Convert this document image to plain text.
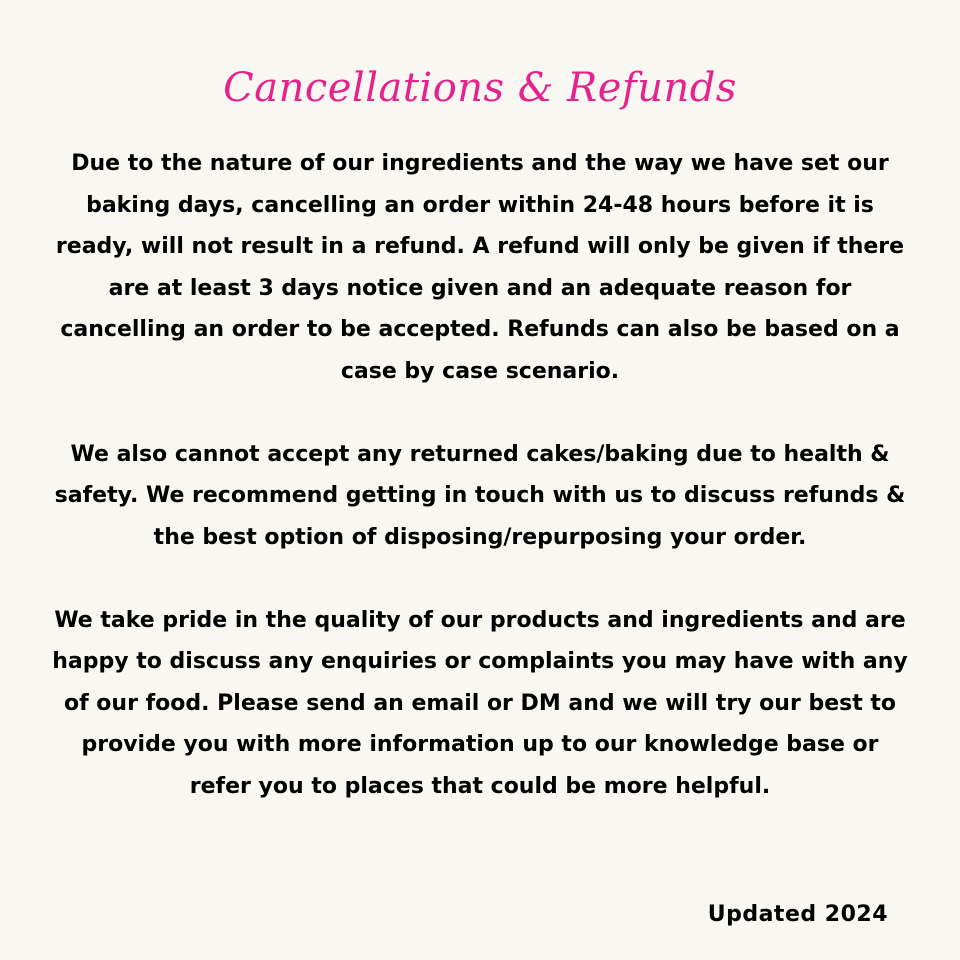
Cancellations & Refunds

Due to the nature of our ingredients and the way we have set our baking days, cancelling an order within 24-48 hours before it is ready, will not result in a refund. A refund will only be given if there are at least 3 days notice given and an adequate reason for cancelling an order to be accepted. Refunds can also be based on a case by case scenario.

We also cannot accept any returned cakes/baking due to health & safety. We recommend getting in touch with us to discuss refunds & the best option of disposing/repurposing your order.

We take pride in the quality of our products and ingredients and are happy to discuss any enquiries or complaints you may have with any of our food. Please send an email or DM and we will try our best to provide you with more information up to our knowledge base or refer you to places that could be more helpful.

Updated 2024
